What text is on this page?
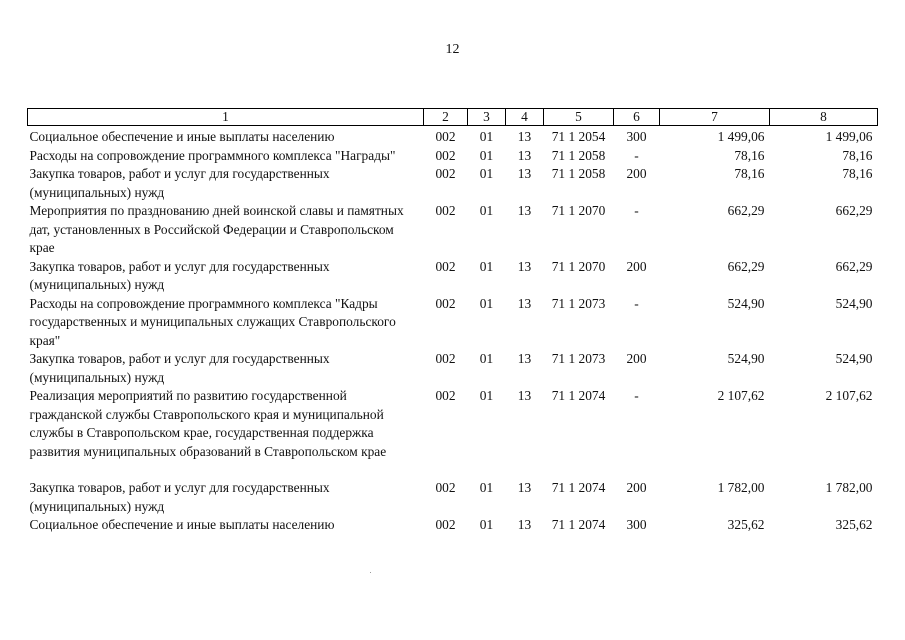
12
1	2	3	4	5	6	7	8
Социальное обеспечение и иные выплаты населению	002	01	13	71 1 2054	300	1 499,06	1 499,06
Расходы на сопровождение программного комплекса "Награды"	002	01	13	71 1 2058	-	78,16	78,16
Закупка товаров, работ и услуг для государственных (муниципальных) нужд	002	01	13	71 1 2058	200	78,16	78,16
Мероприятия по празднованию дней воинской славы и памятных дат, установленных в Российской Федерации и Ставропольском крае	002	01	13	71 1 2070	-	662,29	662,29
Закупка товаров, работ и услуг для государственных (муниципальных) нужд	002	01	13	71 1 2070	200	662,29	662,29
Расходы на сопровождение программного комплекса "Кадры государственных и муниципальных служащих Ставропольского края"	002	01	13	71 1 2073	-	524,90	524,90
Закупка товаров, работ и услуг для государственных (муниципальных) нужд	002	01	13	71 1 2073	200	524,90	524,90
Реализация мероприятий по развитию государственной гражданской службы Ставропольского края и муниципальной службы в Ставропольском крае, государственная поддержка развития муниципальных образований в Ставропольском крае	002	01	13	71 1 2074	-	2 107,62	2 107,62
Закупка товаров, работ и услуг для государственных (муниципальных) нужд	002	01	13	71 1 2074	200	1 782,00	1 782,00
Социальное обеспечение и иные выплаты населению	002	01	13	71 1 2074	300	325,62	325,62
